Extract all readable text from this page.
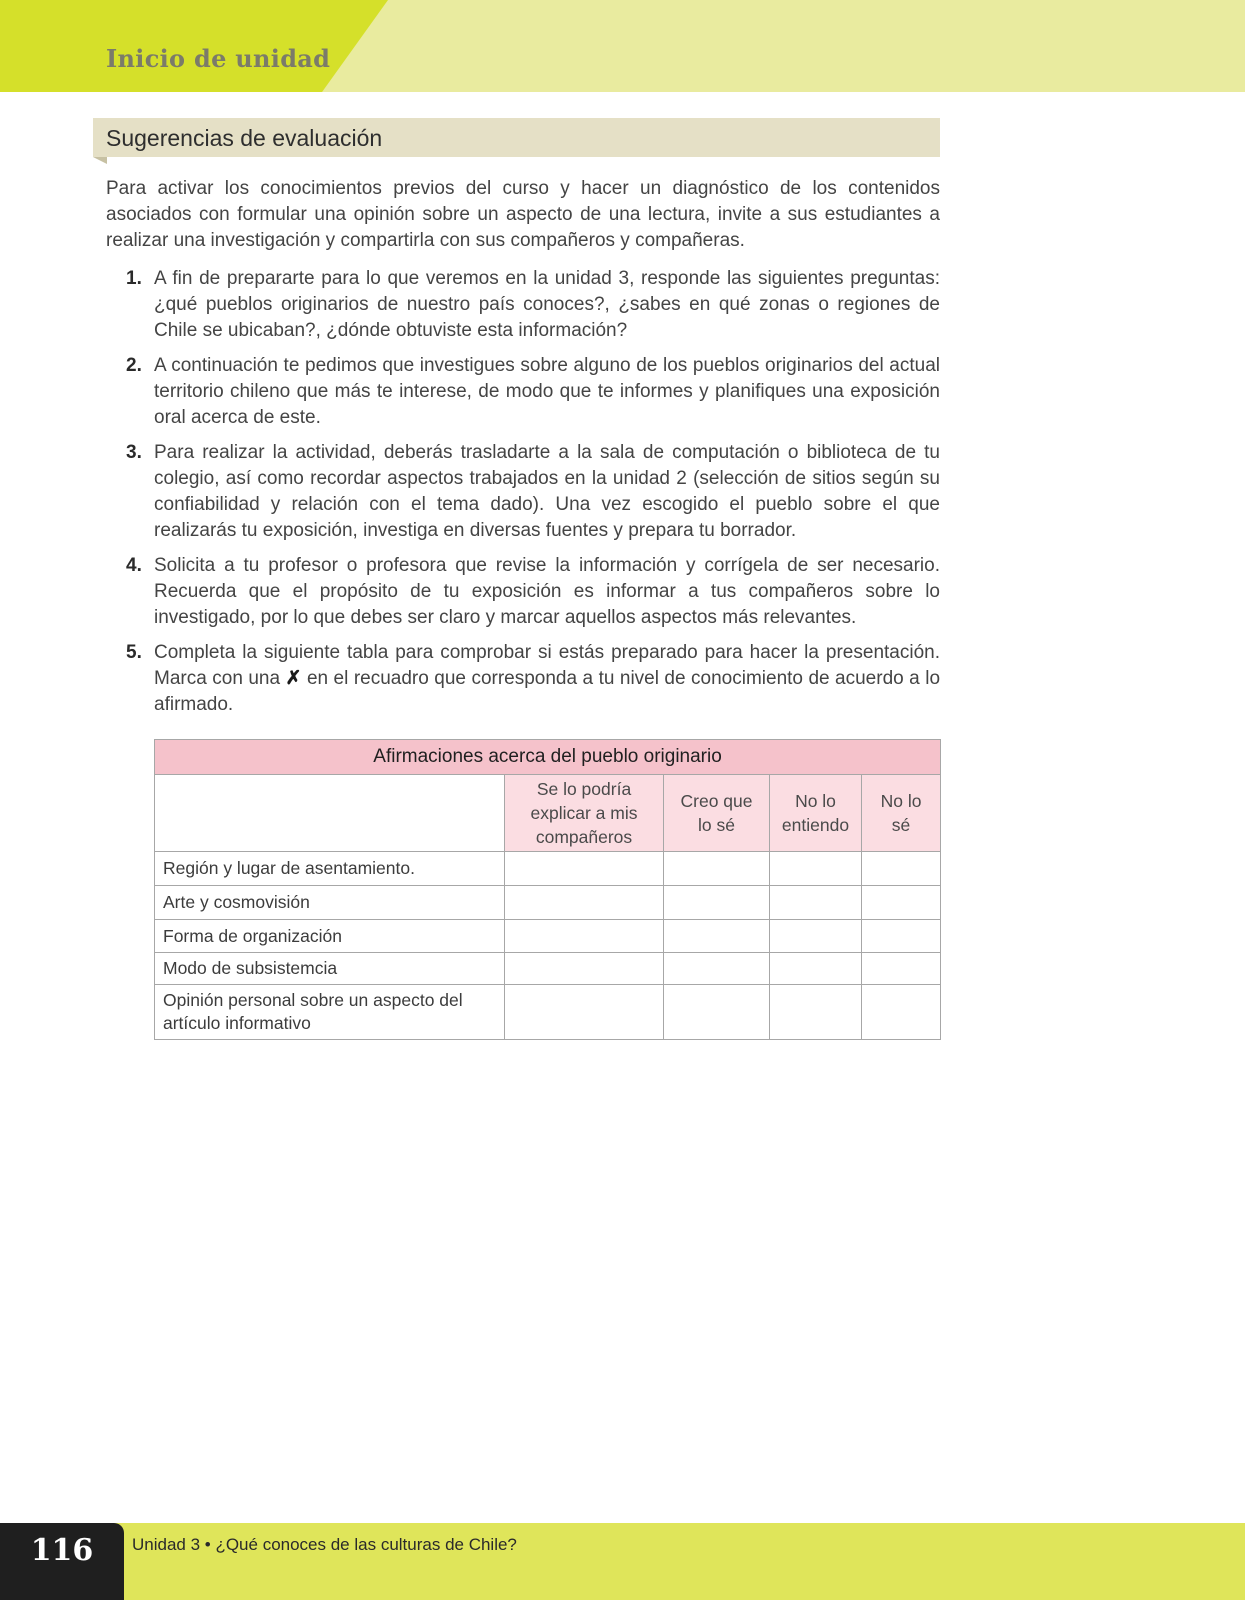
Inicio de unidad
Sugerencias de evaluación

Para activar los conocimientos previos del curso y hacer un diagnóstico de los contenidos asociados con formular una opinión sobre un aspecto de una lectura, invite a sus estudiantes a realizar una investigación y compartirla con sus compañeros y compañeras.

1. A fin de prepararte para lo que veremos en la unidad 3, responde las siguientes preguntas: ¿qué pueblos originarios de nuestro país conoces?, ¿sabes en qué zonas o regiones de Chile se ubicaban?, ¿dónde obtuviste esta información?
2. A continuación te pedimos que investigues sobre alguno de los pueblos originarios del actual territorio chileno que más te interese, de modo que te informes y planifiques una exposición oral acerca de este.
3. Para realizar la actividad, deberás trasladarte a la sala de computación o biblioteca de tu colegio, así como recordar aspectos trabajados en la unidad 2 (selección de sitios según su confiabilidad y relación con el tema dado). Una vez escogido el pueblo sobre el que realizarás tu exposición, investiga en diversas fuentes y prepara tu borrador.
4. Solicita a tu profesor o profesora que revise la información y corrígela de ser necesario. Recuerda que el propósito de tu exposición es informar a tus compañeros sobre lo investigado, por lo que debes ser claro y marcar aquellos aspectos más relevantes.
5. Completa la siguiente tabla para comprobar si estás preparado para hacer la presentación. Marca con una ✗ en el recuadro que corresponda a tu nivel de conocimiento de acuerdo a lo afirmado.
Afirmaciones acerca del pueblo originario				
	Se lo podría explicar a mis compañeros	Creo que lo sé	No lo entiendo	No lo sé
Región y lugar de asentamiento.				
Arte y cosmovisión				
Forma de organización				
Modo de subsistemcia				
Opinión personal sobre un aspecto del artículo informativo				
116	Unidad 3 • ¿Qué conoces de las culturas de Chile?
